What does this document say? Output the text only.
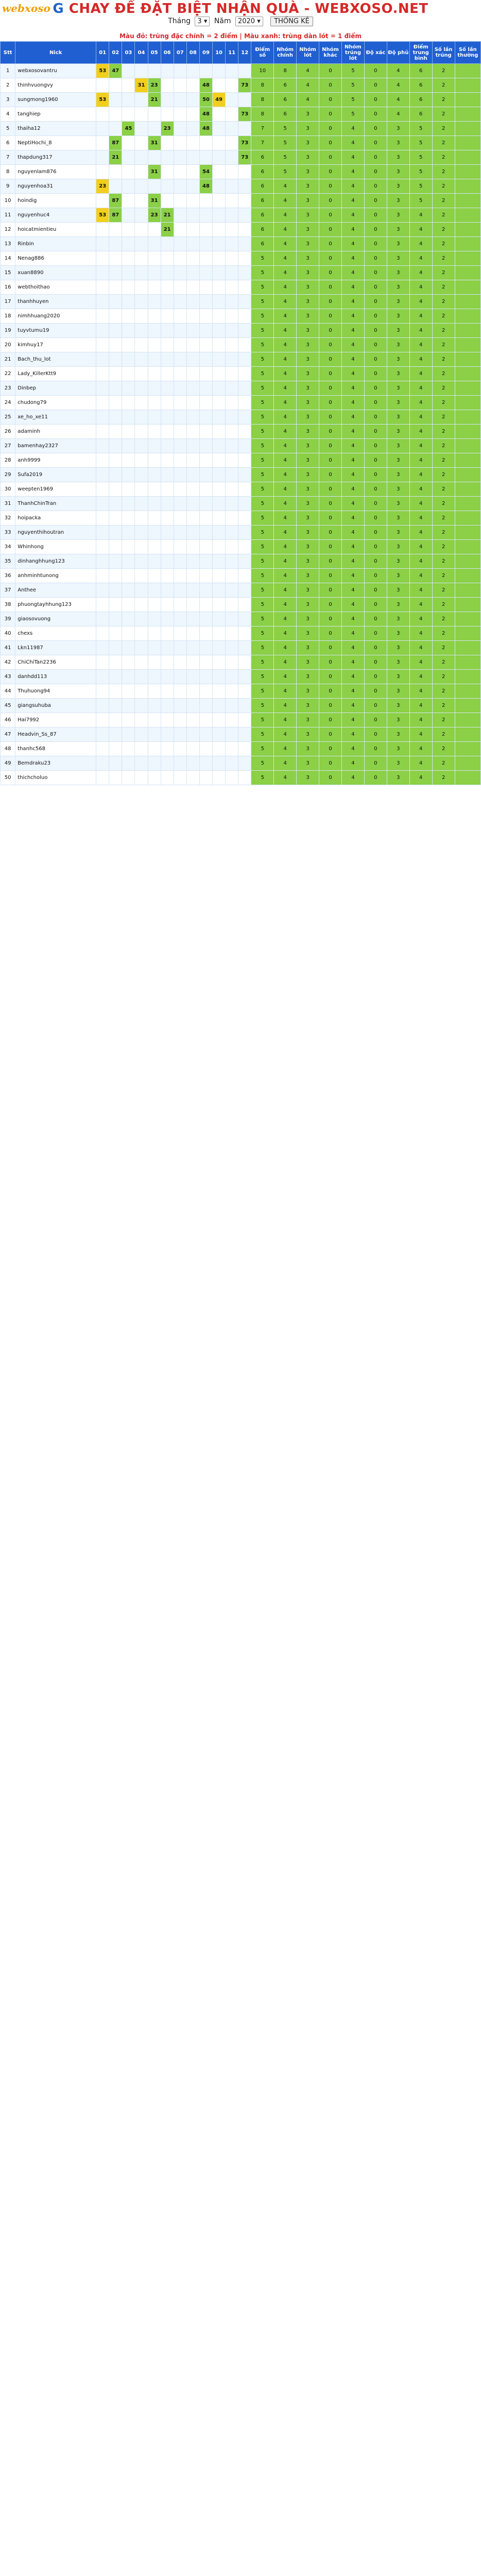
webxoso G CHAY ĐỀ ĐẶT BIỆT NHẬN QUÀ - WEBXOSO.NET
Tháng 3 ▾ Năm 2020 ▾ THỐNG KÊ
Màu đỏ: trùng đặc chính = 2 điểm | Màu xanh: trùng dàn lót = 1 điểm
Stt	Nick	01	02	03	04	05	06	07	08	09	10	11	12	Điểm số	Nhóm chính	Nhóm lót	Nhóm khác	Nhóm trúng lót	Độ xác	Độ phủ	Điểm trung bình	Số lần trúng	Số lần thường
1	webxosovantru	53	47											10	8	4	0	5	0	4	6	2	
2	thinhvuongvy				31	23				48			73	8	6	4	0	5	0	4	6	2	
3	sungmong1960	53				21				50	49			8	6	4	0	5	0	4	6	2	
4	tanghiep									48			73	8	6	3	0	5	0	4	6	2	
5	thaiha12			45			23			48				7	5	3	0	4	0	3	5	2	
6	NeptiHochi_8		87			31							73	7	5	3	0	4	0	3	5	2	
7	thapdung317		21										73	6	5	3	0	4	0	3	5	2	
8	nguyenlam876					31				54				6	5	3	0	4	0	3	5	2	
9	nguyenhoa31	23								48				6	4	3	0	4	0	3	5	2	
10	hoindig		87			31								6	4	3	0	4	0	3	5	2	
11	nguyenhuc4	53	87			23	21							6	4	3	0	4	0	3	4	2	
12	hoicatmientieu						21							6	4	3	0	4	0	3	4	2	
13	Rinbin													6	4	3	0	4	0	3	4	2	
14	Nenag886													5	4	3	0	4	0	3	4	2	
15	xuan8890													5	4	3	0	4	0	3	4	2	
16	webthoithao													5	4	3	0	4	0	3	4	2	
17	thanhhuyen													5	4	3	0	4	0	3	4	2	
18	nimhhuang2020													5	4	3	0	4	0	3	4	2	
19	tuyvtumu19													5	4	3	0	4	0	3	4	2	
20	kimhuy17													5	4	3	0	4	0	3	4	2	
21	Bach_thu_lot													5	4	3	0	4	0	3	4	2	
22	Lady_KillerKtt9													5	4	3	0	4	0	3	4	2	
23	Dinbep													5	4	3	0	4	0	3	4	2	
24	chudong79													5	4	3	0	4	0	3	4	2	
25	xe_ho_xe11													5	4	3	0	4	0	3	4	2	
26	adaminh													5	4	3	0	4	0	3	4	2	
27	bamenhay2327													5	4	3	0	4	0	3	4	2	
28	anh9999													5	4	3	0	4	0	3	4	2	
29	Sufa2019													5	4	3	0	4	0	3	4	2	
30	weepten1969													5	4	3	0	4	0	3	4	2	
31	ThanhChinTran													5	4	3	0	4	0	3	4	2	
32	hoipacka													5	4	3	0	4	0	3	4	2	
33	nguyenthihoutran													5	4	3	0	4	0	3	4	2	
34	Whinhong													5	4	3	0	4	0	3	4	2	
35	dinhanghhung123													5	4	3	0	4	0	3	4	2	
36	anhminhtunong													5	4	3	0	4	0	3	4	2	
37	Anthee													5	4	3	0	4	0	3	4	2	
38	phuongtayhhung123													5	4	3	0	4	0	3	4	2	
39	giaosovuong													5	4	3	0	4	0	3	4	2	
40	chexs													5	4	3	0	4	0	3	4	2	
41	Lkn11987													5	4	3	0	4	0	3	4	2	
42	ChiChiTan2236													5	4	3	0	4	0	3	4	2	
43	danhdd113													5	4	3	0	4	0	3	4	2	
44	Thuhuong94													5	4	3	0	4	0	3	4	2	
45	giangsuhuba													5	4	3	0	4	0	3	4	2	
46	Hai7992													5	4	3	0	4	0	3	4	2	
47	Headvin_Ss_87													5	4	3	0	4	0	3	4	2	
48	thanhc568													5	4	3	0	4	0	3	4	2	
49	Bemdraku23													5	4	3	0	4	0	3	4	2	
50	thichcholuo													5	4	3	0	4	0	3	4	2	
